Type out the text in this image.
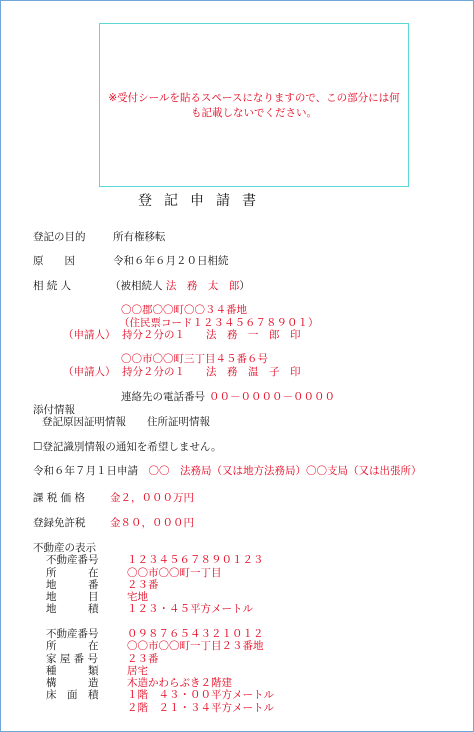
※受付シールを貼るスペースになりますので、この部分には何も記載しないでください。
登記申請書
登記の目的	所有権移転
原　　因	令和６年６月２０日相続
相 続 人	（被相続人 法　務　太　郎）
〇〇郡〇〇町〇〇３４番地
（住民票コード１２３４５６７８９０１）
（申請人） 持分２分の１　　法　務　一　郎　印
〇〇市〇〇町三丁目４５番６号
（申請人） 持分２分の１　　法　務　温　子　印
連絡先の電話番号 ００－００００－００００
添付情報
登記原因証明情報　　住所証明情報
☐登記識別情報の通知を希望しません。
令和６年７月１日申請　 〇〇　法務局（又は地方法務局）〇〇支局（又は出張所）
課 税 価 格 金２，０００万円
登録免許税 金８０，０００円
不動産の表示
不動産番号	１２３４５６７８９０１２３
所　　　在	〇〇市〇〇町一丁目
地　　　番	２３番
地　　　目	宅地
地　　　積	１２３・４５平方メートル
不動産番号	０９８７６５４３２１０１２
所　　　在	〇〇市〇〇町一丁目２３番地
家 屋 番 号	２３番
種　　　類	居宅
構　　　造	木造かわらぶき２階建
床　面　積	１階　４３・００平方メートル
２階　２１・３４平方メートル
